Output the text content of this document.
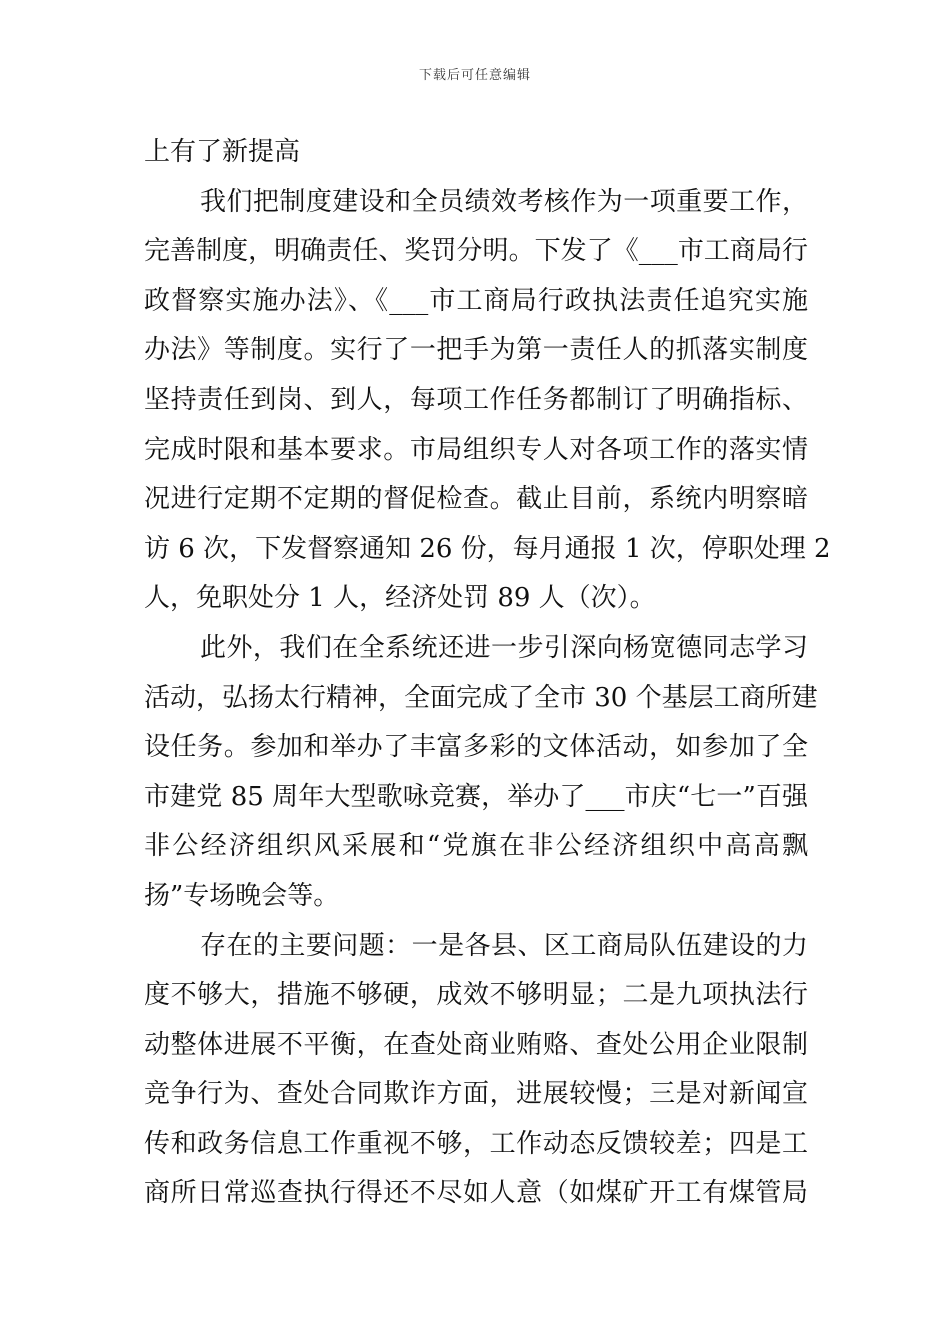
下载后可任意编辑
上有了新提高
我们把制度建设和全员绩效考核作为一项重要工作，
完善制度，明确责任、奖罚分明。下发了《___市工商局行
政督察实施办法》、《___市工商局行政执法责任追究实施
办法》等制度。实行了一把手为第一责任人的抓落实制度
坚持责任到岗、到人，每项工作任务都制订了明确指标、
完成时限和基本要求。市局组织专人对各项工作的落实情
况进行定期不定期的督促检查。截止目前，系统内明察暗
访 6 次，下发督察通知 26 份，每月通报 1 次，停职处理 2
人，免职处分 1 人，经济处罚 89 人（次）。
此外，我们在全系统还进一步引深向杨宽德同志学习
活动，弘扬太行精神，全面完成了全市 30 个基层工商所建
设任务。参加和举办了丰富多彩的文体活动，如参加了全
市建党 85 周年大型歌咏竞赛，举办了___市庆“七一”百强
非公经济组织风采展和“党旗在非公经济组织中高高飘
扬”专场晚会等。
存在的主要问题：一是各县、区工商局队伍建设的力
度不够大，措施不够硬，成效不够明显；二是九项执法行
动整体进展不平衡，在查处商业贿赂、查处公用企业限制
竞争行为、查处合同欺诈方面，进展较慢；三是对新闻宣
传和政务信息工作重视不够，工作动态反馈较差；四是工
商所日常巡查执行得还不尽如人意（如煤矿开工有煤管局
